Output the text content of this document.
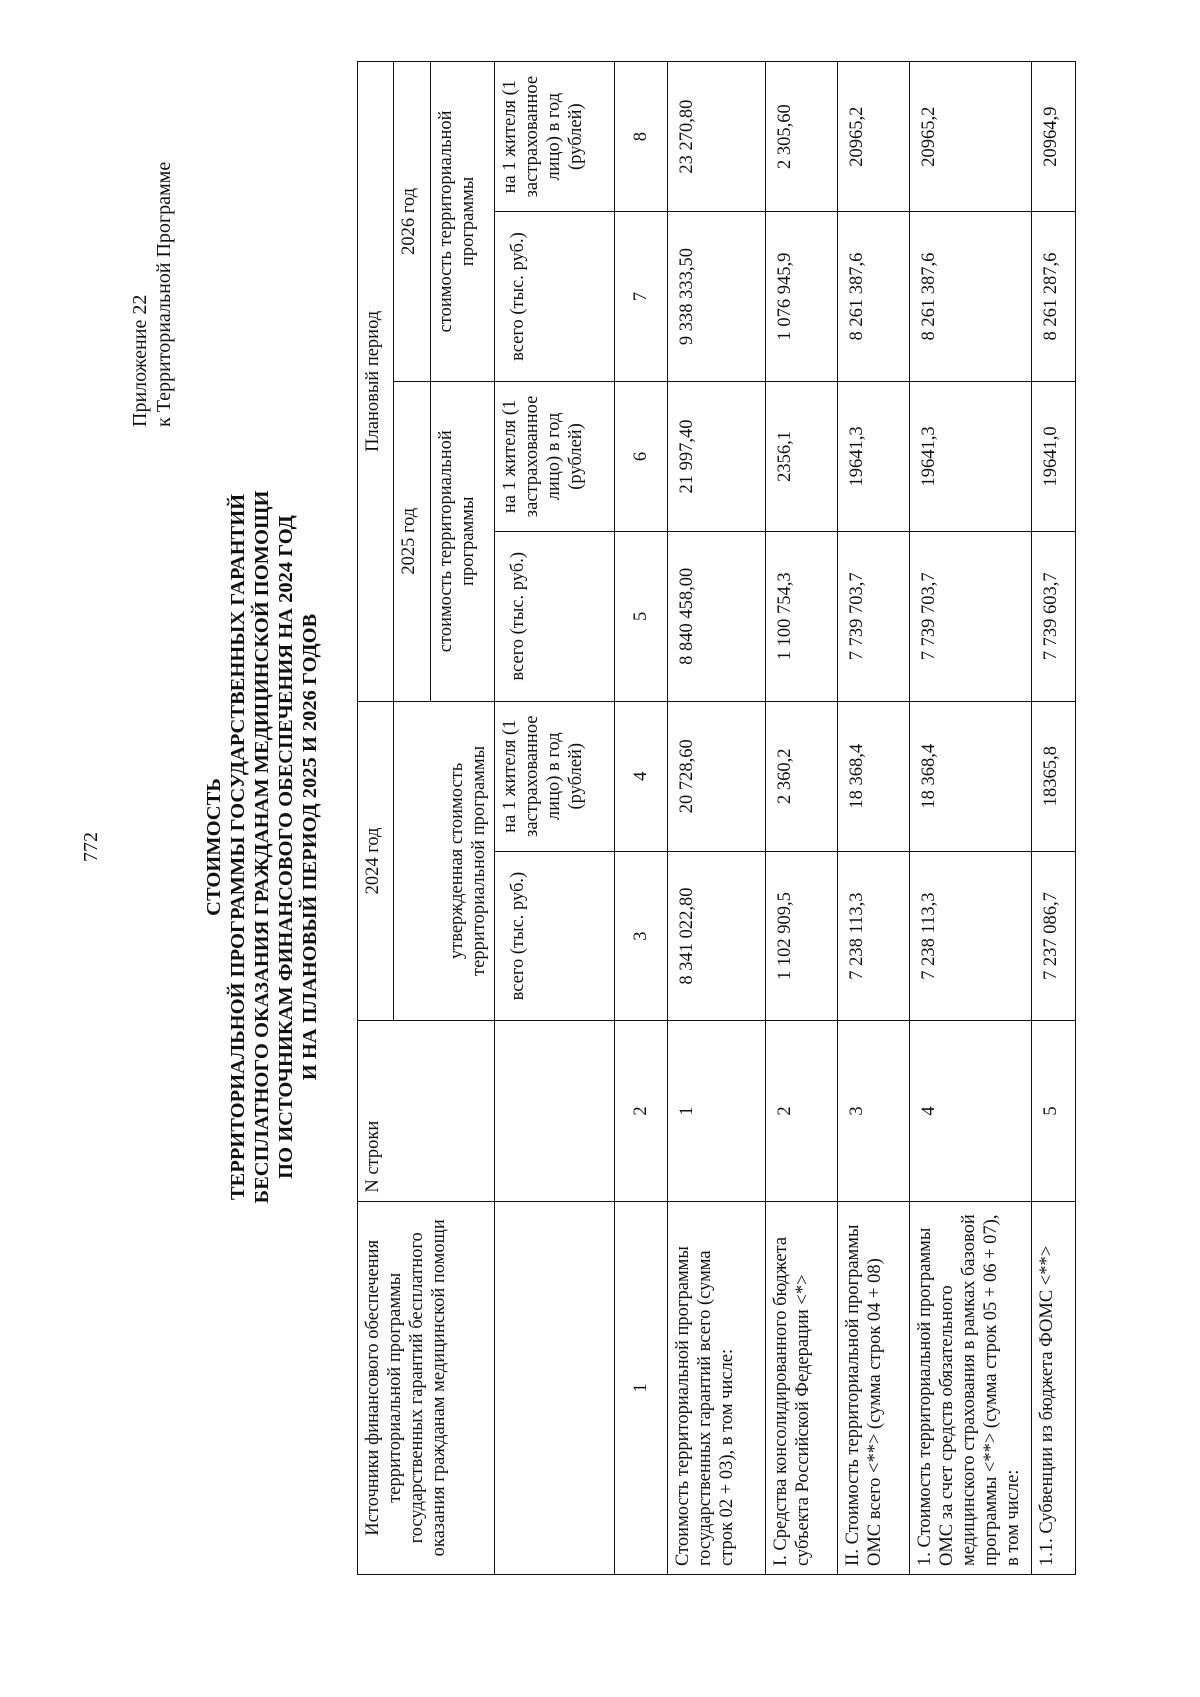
772
Приложение 22 к Территориальной Программе
СТОИМОСТЬ ТЕРРИТОРИАЛЬНОЙ ПРОГРАММЫ ГОСУДАРСТВЕННЫХ ГАРАНТИЙ БЕСПЛАТНОГО ОКАЗАНИЯ ГРАЖДАНАМ МЕДИЦИНСКОЙ ПОМОЩИ ПО ИСТОЧНИКАМ ФИНАНСОВОГО ОБЕСПЕЧЕНИЯ НА 2024 ГОД И НА ПЛАНОВЫЙ ПЕРИОД 2025 И 2026 ГОДОВ
Источники финансового обеспечения территориальной программы государственных гарантий бесплатного оказания гражданам медицинской помощи	N строки	2024 год		Плановый период			

		утвержденная стоимость территориальной программы		2025 год		2026 год	
				стоимость территориальной программы		стоимость территориальной программы	
		всего (тыс. руб.)	на 1 жителя (1 застрахованное лицо) в год (рублей)	всего (тыс. руб.)	на 1 жителя (1 застрахованное лицо) в год (рублей)	всего (тыс. руб.)	на 1 жителя (1 застрахованное лицо) в год (рублей)
1	2	3	4	5	6	7	8
Стоимость территориальной программы государственных гарантий всего (сумма строк 02 + 03), в том числе:	1	8 341 022,80	20 728,60	8 840 458,00	21 997,40	9 338 333,50	23 270,80
I. Средства консолидированного бюджета субъекта Российской Федерации <*>	2	1 102 909,5	2 360,2	1 100 754,3	2356,1	1 076 945,9	2 305,60
II. Стоимость территориальной программы ОМС всего <**> (сумма строк 04 + 08)	3	7 238 113,3	18 368,4	7 739 703,7	19641,3	8 261 387,6	20965,2
1. Стоимость территориальной программы ОМС за счет средств обязательного медицинского страхования в рамках базовой программы <**> (сумма строк 05 + 06 + 07), в том числе:	4	7 238 113,3	18 368,4	7 739 703,7	19641,3	8 261 387,6	20965,2
1.1. Субвенции из бюджета ФОМС <**>	5	7 237 086,7	18365,8	7 739 603,7	19641,0	8 261 287,6	20964,9
